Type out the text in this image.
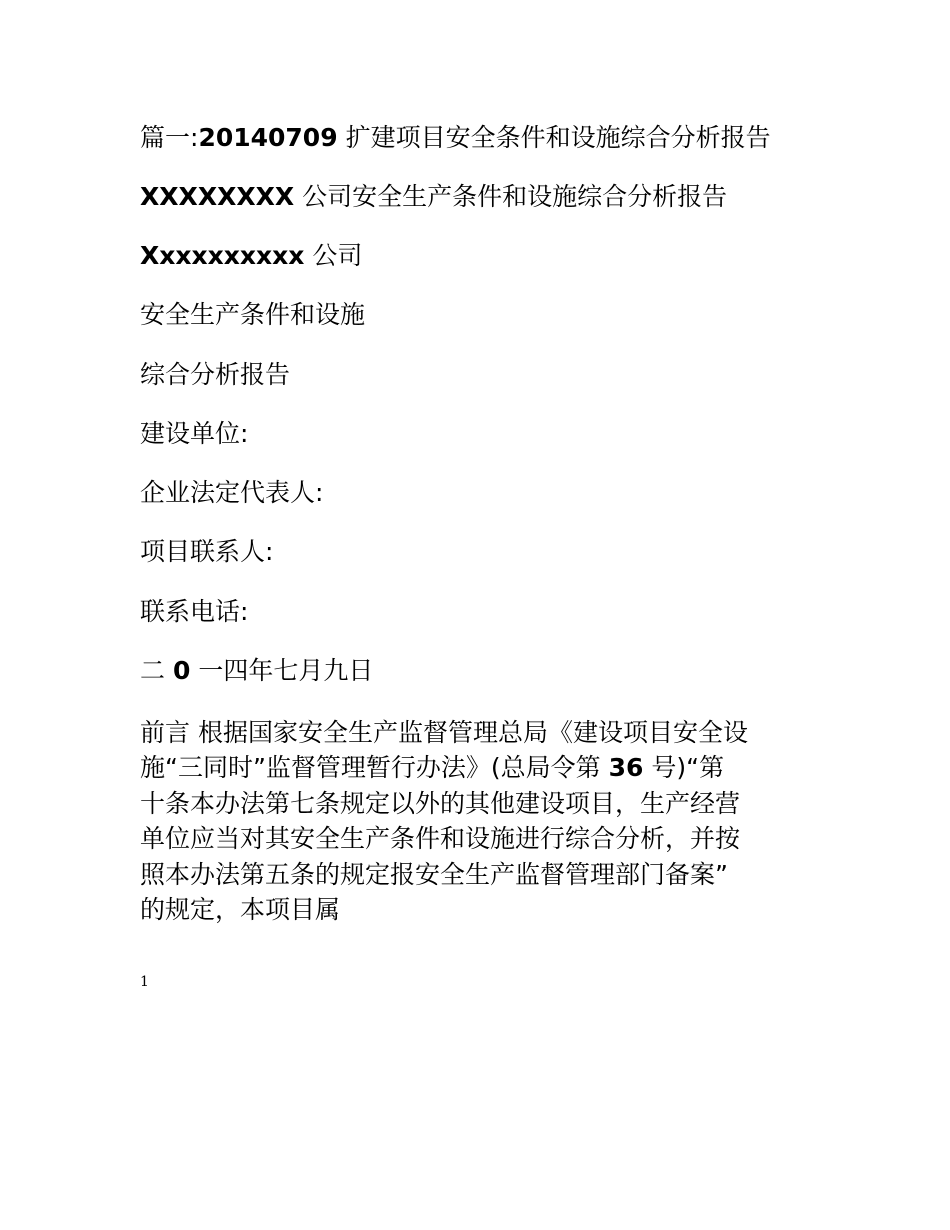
篇一:20140709 扩建项目安全条件和设施综合分析报告
XXXXXXXX 公司安全生产条件和设施综合分析报告
Xxxxxxxxxx 公司
安全生产条件和设施
综合分析报告
建设单位:
企业法定代表人:
项目联系人:
联系电话:
二 0 一四年七月九日
前言 根据国家安全生产监督管理总局《建设项目安全设
施“三同时”监督管理暂行办法》(总局令第 36 号)“第
十条本办法第七条规定以外的其他建设项目，生产经营
单位应当对其安全生产条件和设施进行综合分析，并按
照本办法第五条的规定报安全生产监督管理部门备案”
的规定，本项目属
1
